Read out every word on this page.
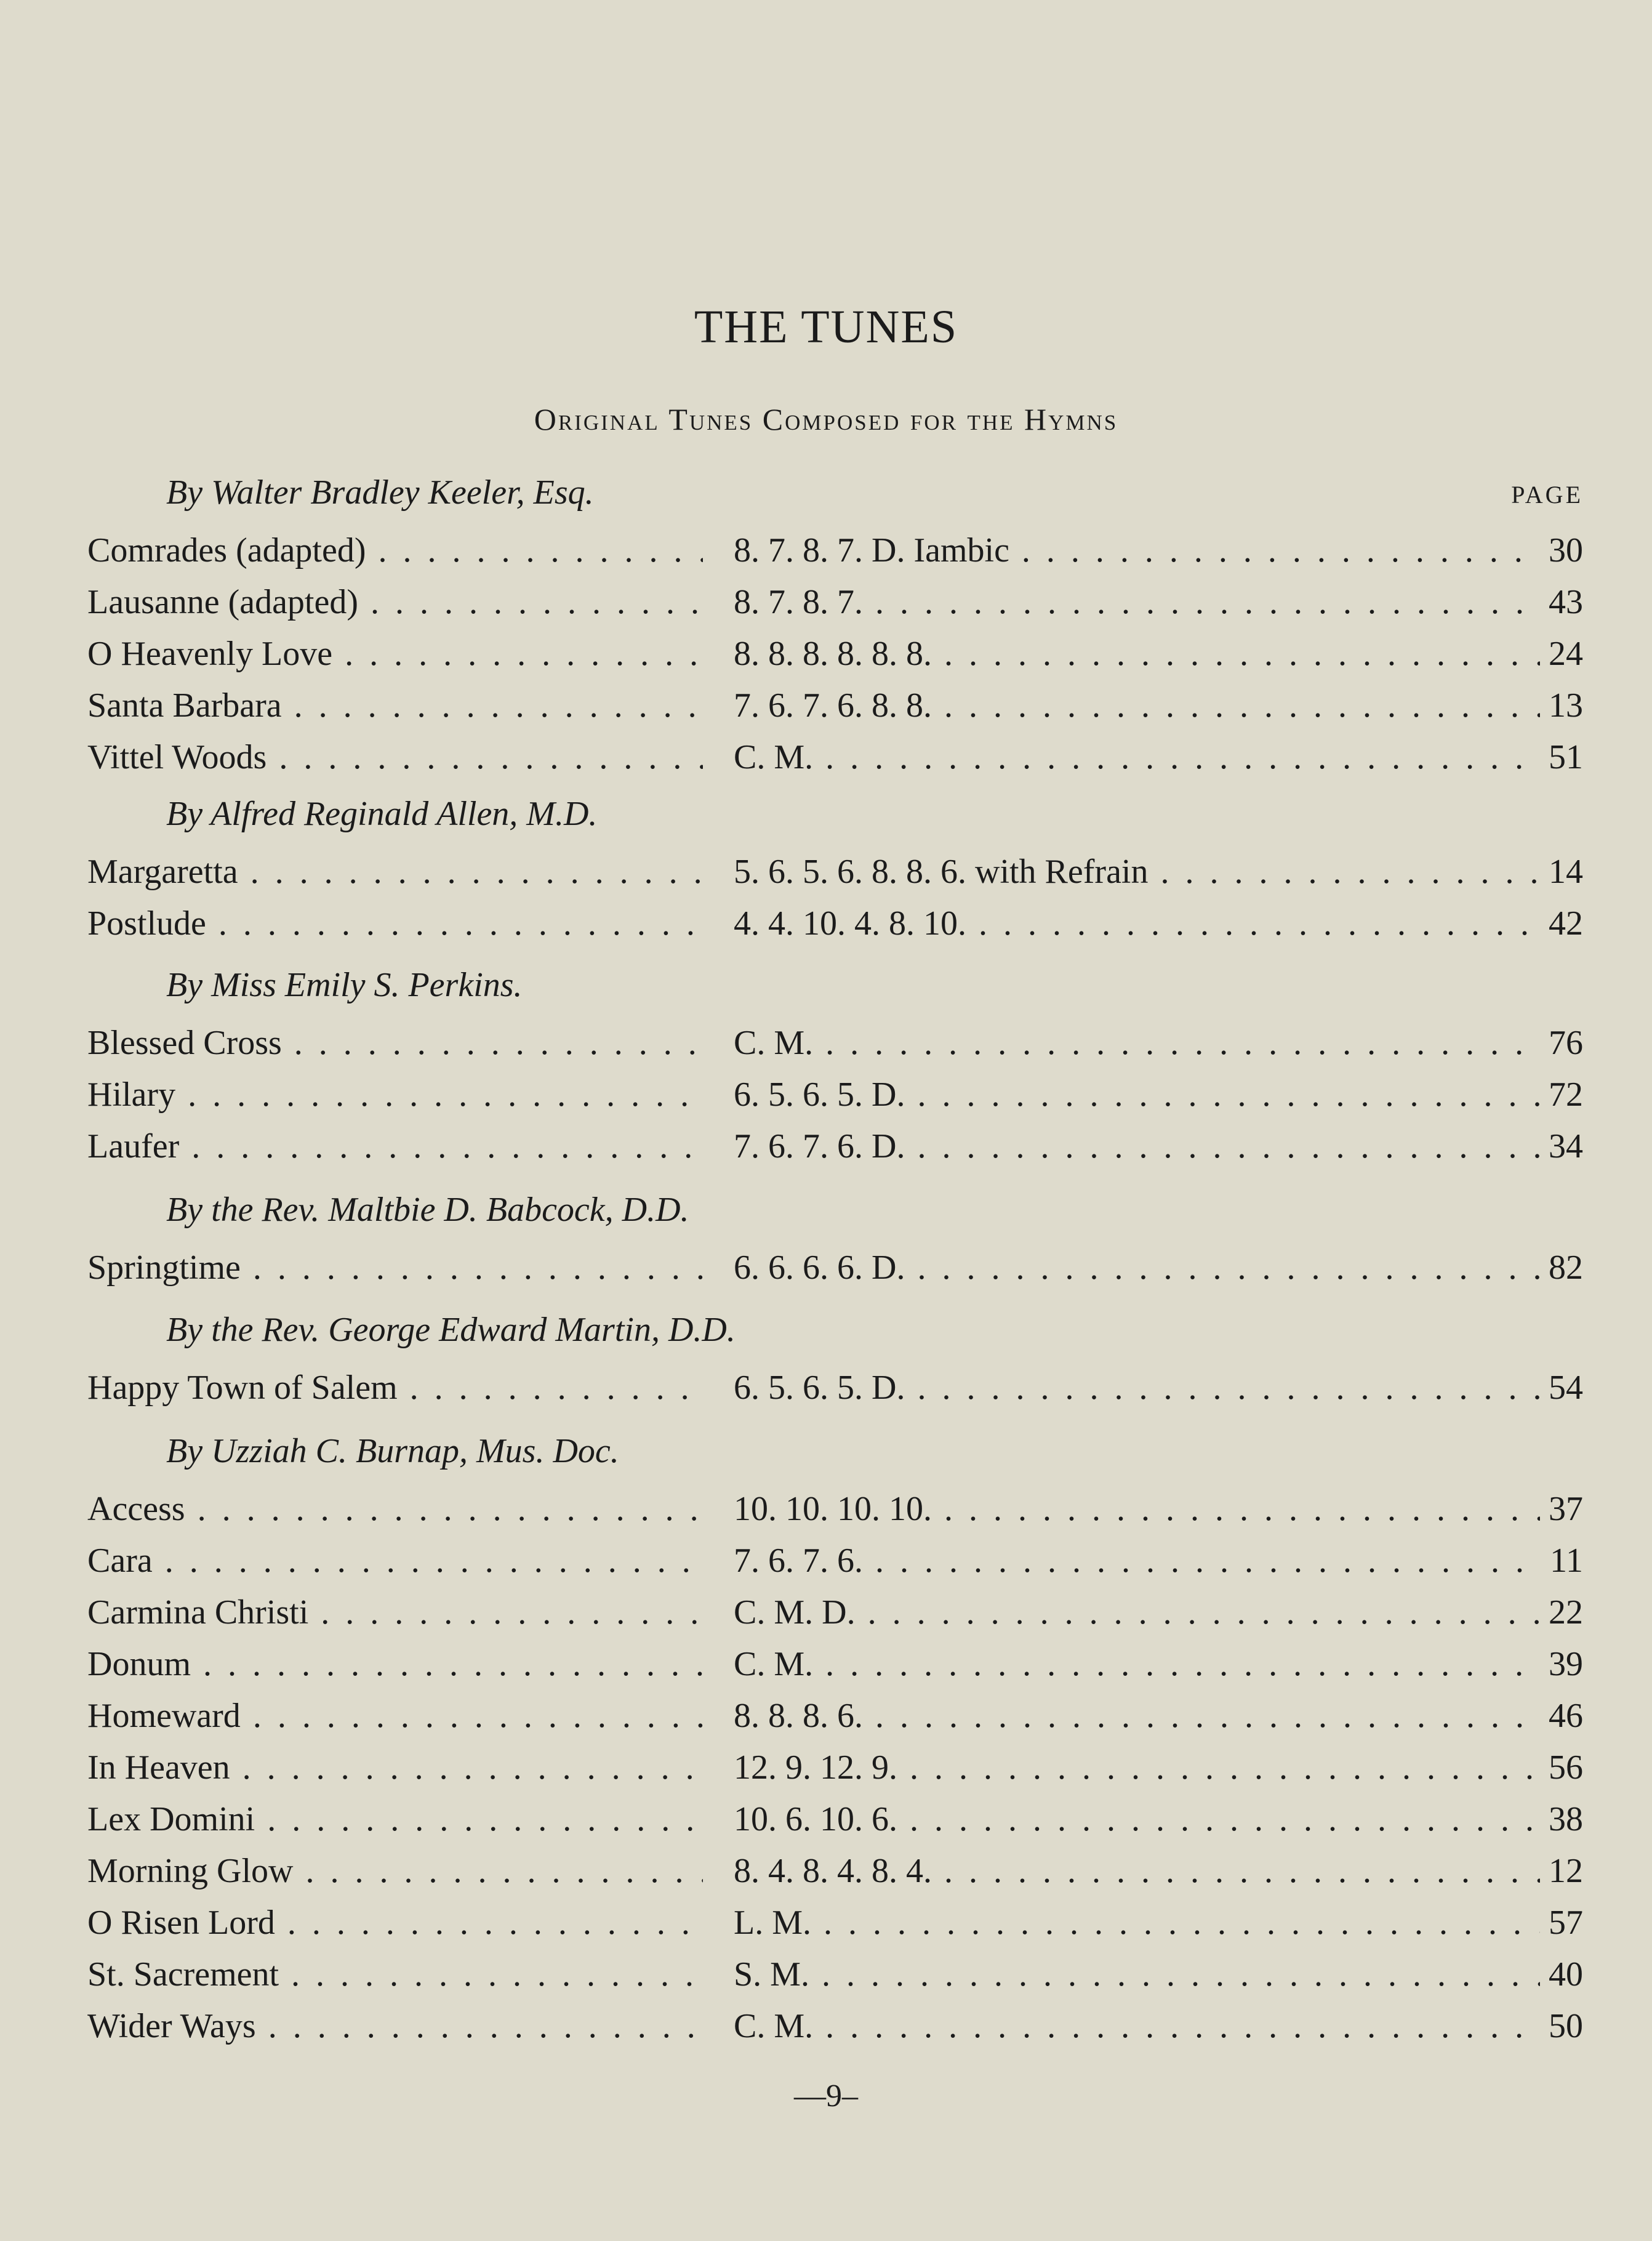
THE TUNES
Original Tunes Composed for the Hymns
PAGE
By Walter Bradley Keeler, Esq.
Comrades (adapted) . . .	8. 7. 8. 7. D. Iambic . . .	30
Lausanne (adapted) . . .	8. 7. 8. 7. . . .	43
O Heavenly Love . . .	8. 8. 8. 8. 8. 8. . . .	24
Santa Barbara . . .	7. 6. 7. 6. 8. 8. . . .	13
Vittel Woods . . .	C. M. . . .	51
By Alfred Reginald Allen, M.D.
Margaretta . . .	5. 6. 5. 6. 8. 8. 6. with Refrain . . .	14
Postlude . . .	4. 4. 10. 4. 8. 10. . . .	42
By Miss Emily S. Perkins.
Blessed Cross . . .	C. M. . . .	76
Hilary . . .	6. 5. 6. 5. D. . . .	72
Laufer . . .	7. 6. 7. 6. D. . . .	34
By the Rev. Maltbie D. Babcock, D.D.
Springtime . . .	6. 6. 6. 6. D. . . .	82
By the Rev. George Edward Martin, D.D.
Happy Town of Salem . . .	6. 5. 6. 5. D. . . .	54
By Uzziah C. Burnap, Mus. Doc.
Access . . .	10. 10. 10. 10. . . .	37
Cara . . .	7. 6. 7. 6. . . .	11
Carmina Christi . . .	C. M. D. . . .	22
Donum . . .	C. M. . . .	39
Homeward . . .	8. 8. 8. 6. . . .	46
In Heaven . . .	12. 9. 12. 9. . . .	56
Lex Domini . . .	10. 6. 10. 6. . . .	38
Morning Glow . . .	8. 4. 8. 4. 8. 4. . . .	12
O Risen Lord . . .	L. M. . . .	57
St. Sacrement . . .	S. M. . . .	40
Wider Ways . . .	C. M. . . .	50
—9–
